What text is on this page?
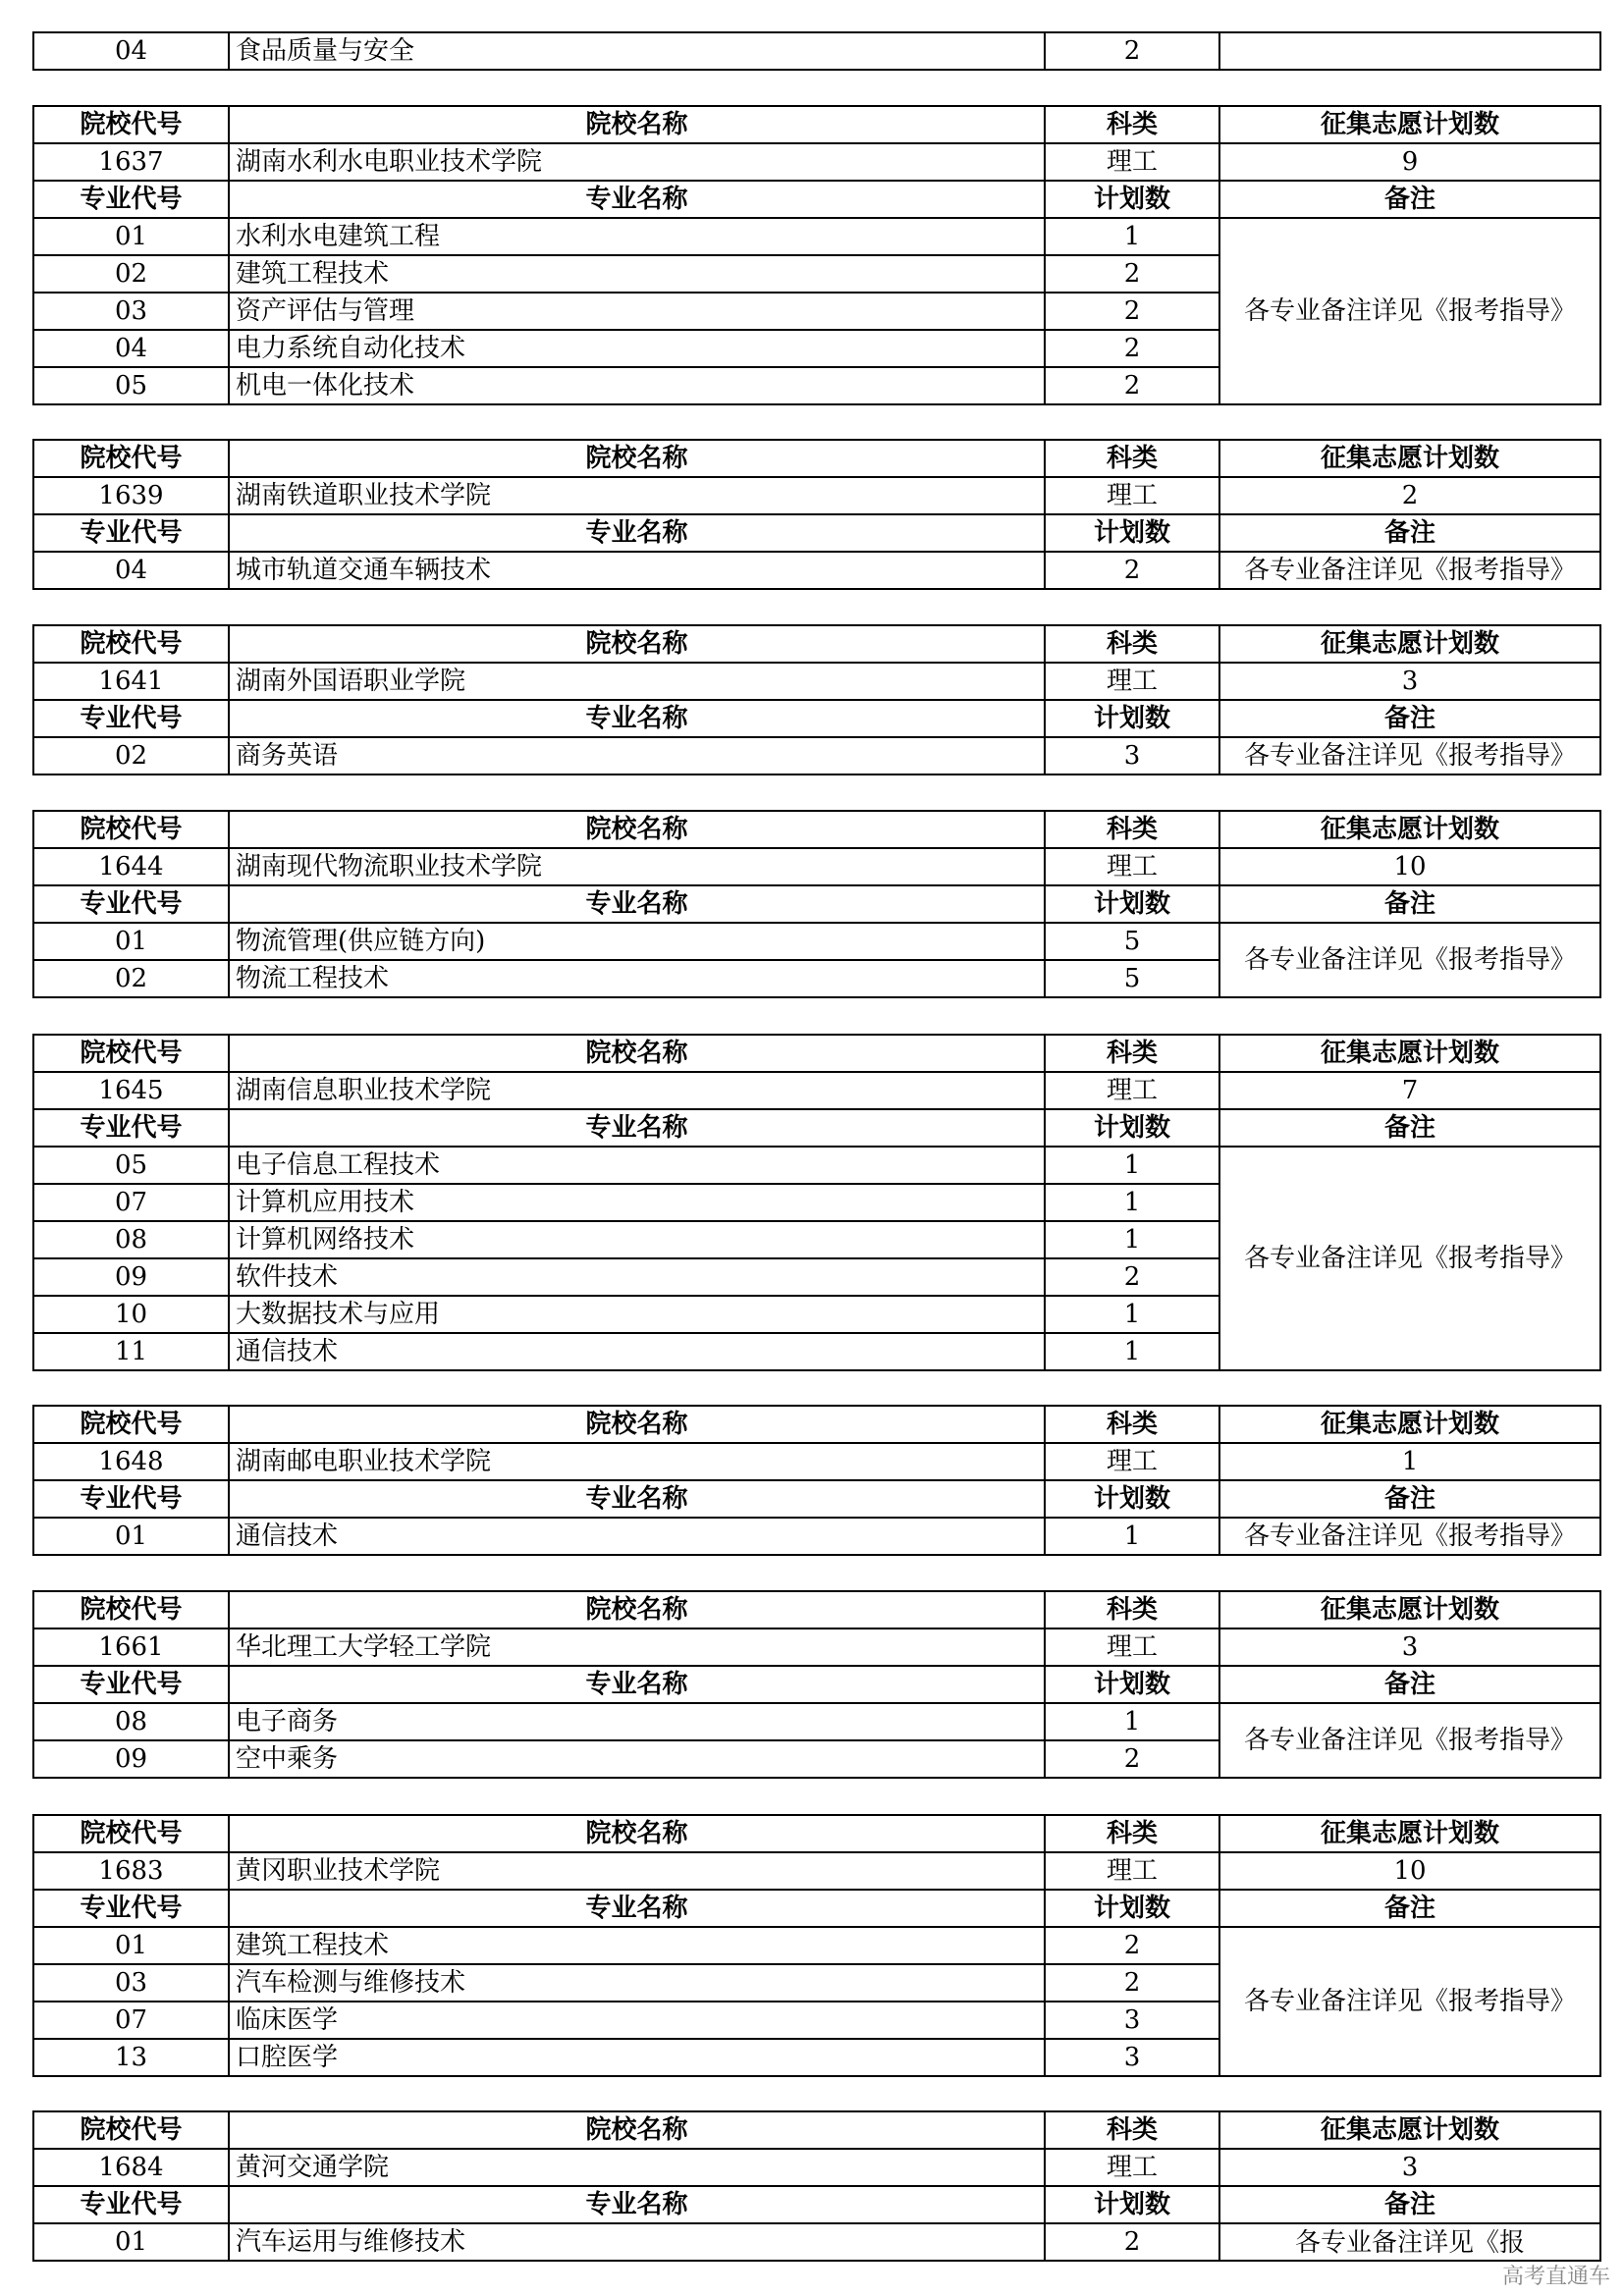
04	食品质量与安全	2	
院校代号	院校名称	科类	征集志愿计划数
1637	湖南水利水电职业技术学院	理工	9
专业代号	专业名称	计划数	备注
01	水利水电建筑工程	1	各专业备注详见《报考指导》
02	建筑工程技术	2	
03	资产评估与管理	2	
04	电力系统自动化技术	2	
05	机电一体化技术	2	
院校代号	院校名称	科类	征集志愿计划数
1639	湖南铁道职业技术学院	理工	2
专业代号	专业名称	计划数	备注
04	城市轨道交通车辆技术	2	各专业备注详见《报考指导》
院校代号	院校名称	科类	征集志愿计划数
1641	湖南外国语职业学院	理工	3
专业代号	专业名称	计划数	备注
02	商务英语	3	各专业备注详见《报考指导》
院校代号	院校名称	科类	征集志愿计划数
1644	湖南现代物流职业技术学院	理工	10
专业代号	专业名称	计划数	备注
01	物流管理(供应链方向)	5	各专业备注详见《报考指导》
02	物流工程技术	5	
院校代号	院校名称	科类	征集志愿计划数
1645	湖南信息职业技术学院	理工	7
专业代号	专业名称	计划数	备注
05	电子信息工程技术	1	各专业备注详见《报考指导》
07	计算机应用技术	1	
08	计算机网络技术	1	
09	软件技术	2	
10	大数据技术与应用	1	
11	通信技术	1	
院校代号	院校名称	科类	征集志愿计划数
1648	湖南邮电职业技术学院	理工	1
专业代号	专业名称	计划数	备注
01	通信技术	1	各专业备注详见《报考指导》
院校代号	院校名称	科类	征集志愿计划数
1661	华北理工大学轻工学院	理工	3
专业代号	专业名称	计划数	备注
08	电子商务	1	各专业备注详见《报考指导》
09	空中乘务	2	
院校代号	院校名称	科类	征集志愿计划数
1683	黄冈职业技术学院	理工	10
专业代号	专业名称	计划数	备注
01	建筑工程技术	2	各专业备注详见《报考指导》
03	汽车检测与维修技术	2	
07	临床医学	3	
13	口腔医学	3	
院校代号	院校名称	科类	征集志愿计划数
1684	黄河交通学院	理工	3
专业代号	专业名称	计划数	备注
01	汽车运用与维修技术	2	各专业备注详见《报
高考直通车
